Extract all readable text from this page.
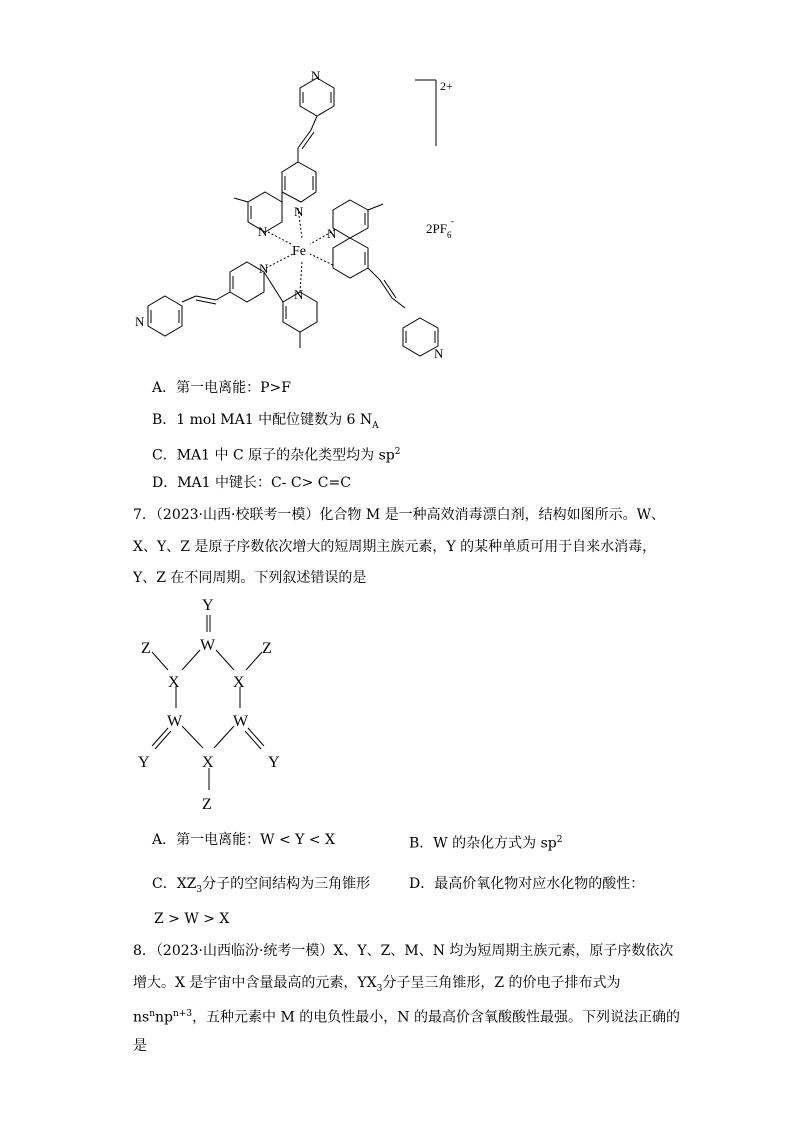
N
N
N	N
N
N
N
N
Fe
2+
$2PF_6$
-
A．第一电离能：P>F
B．1 mol MA1 中配位键数为 6 $N_A$
C．MA1 中 C 原子的杂化类型均为 $sp^2$
D．MA1 中键长：C- C> C=C
7．（2023·山西·校联考一模）化合物 M 是一种高效消毒漂白剂，结构如图所示。W、
X、Y、Z 是原子序数依次增大的短周期主族元素，Y 的某种单质可用于自来水消毒，
Y、Z 在不同周期。下列叙述错误的是
Y
W
Z	Z
X	X
W	W
Y	Y
X
Z
A．第一电离能：W < Y < X	B．W 的杂化方式为 $sp^2$
C．$XZ_3$分子的空间结构为三角锥形	D．最高价氧化物对应水化物的酸性：
Z > W > X
8．（2023·山西临汾·统考一模）X、Y、Z、M、N 均为短周期主族元素，原子序数依次
增大。X 是宇宙中含量最高的元素，$YX_3$分子呈三角锥形，Z 的价电子排布式为
$ns^nnp^{n+3}$，五种元素中 M 的电负性最小，N 的最高价含氧酸酸性最强。下列说法正确的
是
